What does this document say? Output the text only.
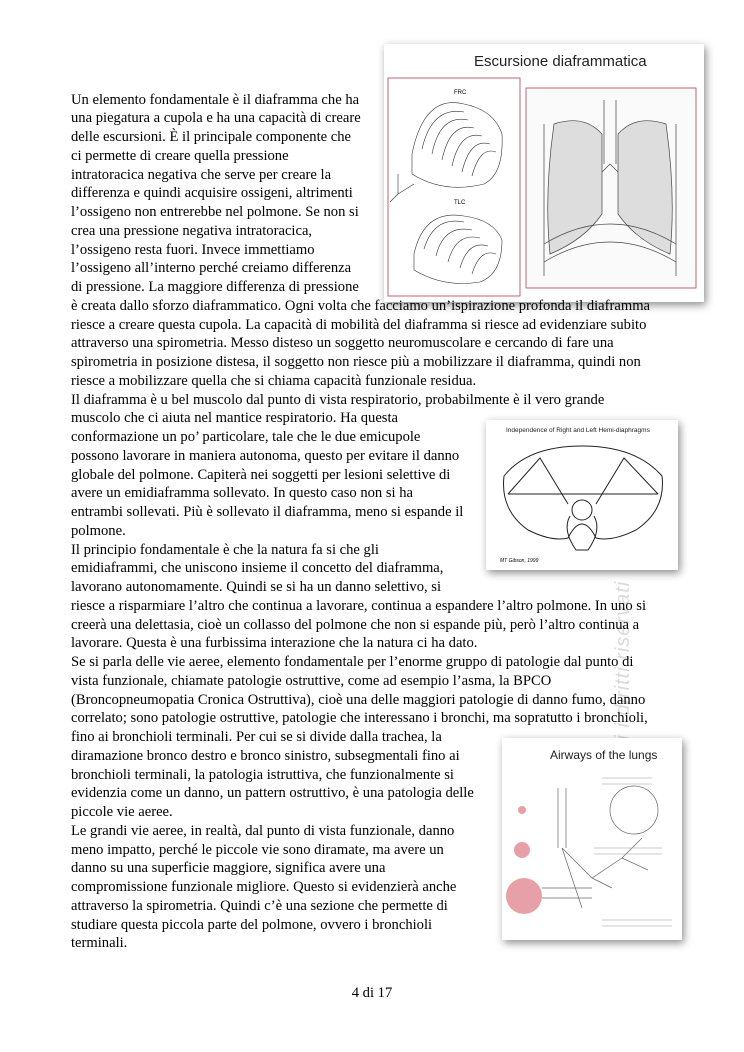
Escursione diaframmatica
FRC
TLC
Independence of Right and Left Hemi-diaphragms
MT Gibson, 1999
Airways of the lungs
Un elemento fondamentale è il diaframma che ha
una piegatura a cupola e ha una capacità di creare
delle escursioni. È il principale componente che
ci permette di creare quella pressione
intratoracica negativa che serve per creare la
differenza e quindi acquisire ossigeni, altrimenti
l’ossigeno non entrerebbe nel polmone. Se non si
crea una pressione negativa intratoracica,
l’ossigeno resta fuori. Invece immettiamo
l’ossigeno all’interno perché creiamo differenza
di pressione. La maggiore differenza di pressione
è creata dallo sforzo diaframmatico. Ogni volta che facciamo un’ispirazione profonda il diaframma
riesce a creare questa cupola. La capacità di mobilità del diaframma si riesce ad evidenziare subito
attraverso una spirometria. Messo disteso un soggetto neuromuscolare e cercando di fare una
spirometria in posizione distesa, il soggetto non riesce più a mobilizzare il diaframma, quindi non
riesce a mobilizzare quella che si chiama capacità funzionale residua.
Il diaframma è u bel muscolo dal punto di vista respiratorio, probabilmente è il vero grande
muscolo che ci aiuta nel mantice respiratorio. Ha questa
conformazione un po’ particolare, tale che le due emicupole
possono lavorare in maniera autonoma, questo per evitare il danno
globale del polmone. Capiterà nei soggetti per lesioni selettive di
avere un emidiaframma sollevato. In questo caso non si ha
entrambi sollevati. Più è sollevato il diaframma, meno si espande il
polmone.
Il principio fondamentale è che la natura fa si che gli
emidiaframmi, che uniscono insieme il concetto del diaframma,
lavorano autonomamente. Quindi se si ha un danno selettivo, si
riesce a risparmiare l’altro che continua a lavorare, continua a espandere l’altro polmone. In uno si
creerà una delettasia, cioè un collasso del polmone che non si espande più, però l’altro continua a
lavorare. Questa è una furbissima interazione che la natura ci ha dato.
Se si parla delle vie aeree, elemento fondamentale per l’enorme gruppo di patologie dal punto di
vista funzionale, chiamate patologie ostruttive, come ad esempio l’asma, la BPCO
(Broncopneumopatia Cronica Ostruttiva), cioè una delle maggiori patologie di danno fumo, danno
correlato; sono patologie ostruttive, patologie che interessano i bronchi, ma sopratutto i bronchioli,
fino ai bronchioli terminali. Per cui se si divide dalla trachea, la
diramazione bronco destro e bronco sinistro, subsegmentali fino ai
bronchioli terminali, la patologia istruttiva, che funzionalmente si
evidenzia come un danno, un pattern ostruttivo, è una patologia delle
piccole vie aeree.
Le grandi vie aeree, in realtà, dal punto di vista funzionale, danno
meno impatto, perché le piccole vie sono diramate, ma avere un
danno su una superficie maggiore, significa avere una
compromissione funzionale migliore. Questo si evidenzierà anche
attraverso la spirometria. Quindi c’è una sezione che permette di
studiare questa piccola parte del polmone, ovvero i bronchioli
terminali.
4 di 17
